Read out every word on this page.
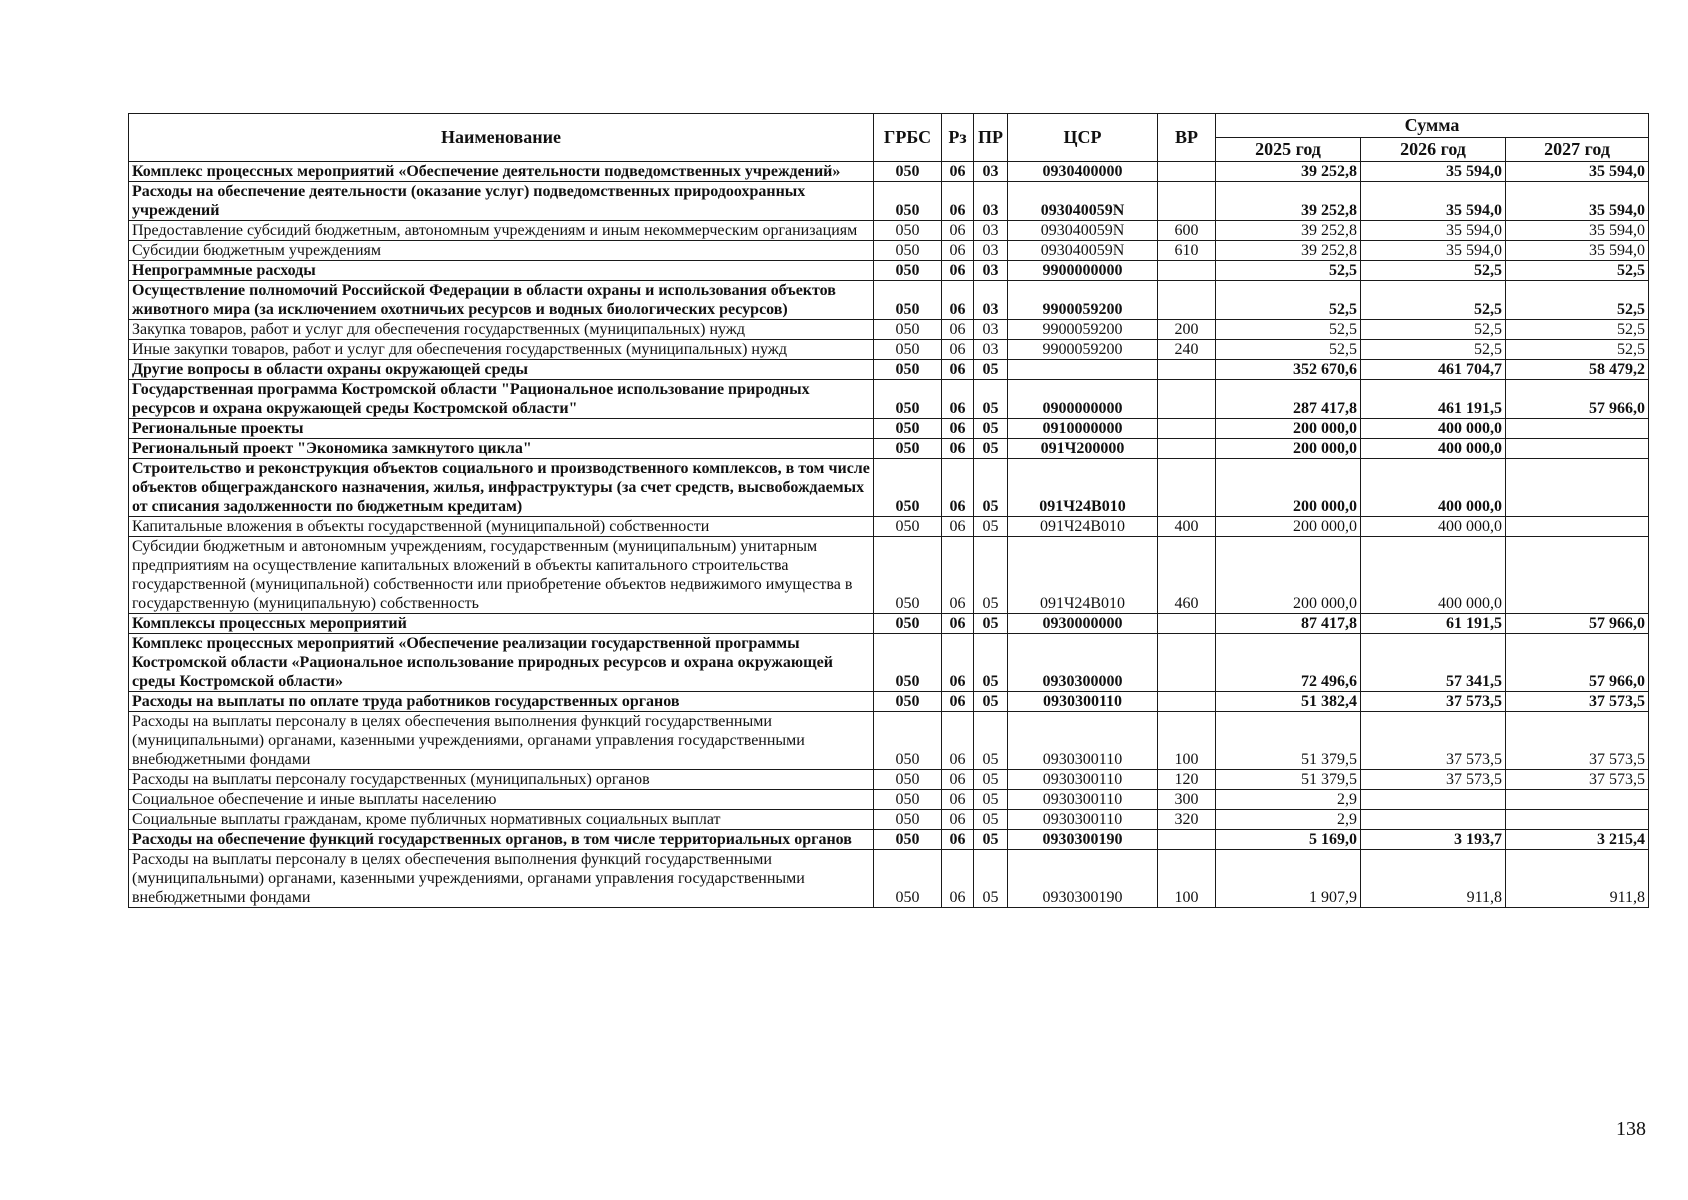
Наименование	ГРБС	Рз	ПР	ЦСР	ВР	Сумма		
						2025 год	2026 год	2027 год
Комплекс процессных мероприятий «Обеспечение деятельности подведомственных учреждений»	050	06	03	0930400000		39 252,8	35 594,0	35 594,0
Расходы на обеспечение деятельности (оказание услуг) подведомственных природоохранных учреждений	050	06	03	093040059N		39 252,8	35 594,0	35 594,0
Предоставление субсидий бюджетным, автономным учреждениям и иным некоммерческим организациям	050	06	03	093040059N	600	39 252,8	35 594,0	35 594,0
Субсидии бюджетным учреждениям	050	06	03	093040059N	610	39 252,8	35 594,0	35 594,0
Непрограммные расходы	050	06	03	9900000000		52,5	52,5	52,5
Осуществление полномочий Российской Федерации в области охраны и использования объектов животного мира (за исключением охотничьих ресурсов и водных биологических ресурсов)	050	06	03	9900059200		52,5	52,5	52,5
Закупка товаров, работ и услуг для обеспечения государственных (муниципальных) нужд	050	06	03	9900059200	200	52,5	52,5	52,5
Иные закупки товаров, работ и услуг для обеспечения государственных (муниципальных) нужд	050	06	03	9900059200	240	52,5	52,5	52,5
Другие вопросы в области охраны окружающей среды	050	06	05			352 670,6	461 704,7	58 479,2
Государственная программа Костромской области "Рациональное использование природных ресурсов и охрана окружающей среды Костромской области"	050	06	05	0900000000		287 417,8	461 191,5	57 966,0
Региональные проекты	050	06	05	0910000000		200 000,0	400 000,0	
Региональный проект "Экономика замкнутого цикла"	050	06	05	091Ч200000		200 000,0	400 000,0	
Строительство и реконструкция объектов социального и производственного комплексов, в том числе объектов общегражданского назначения, жилья, инфраструктуры (за счет средств, высвобождаемых от списания задолженности по бюджетным кредитам)	050	06	05	091Ч24В010		200 000,0	400 000,0	
Капитальные вложения в объекты государственной (муниципальной) собственности	050	06	05	091Ч24В010	400	200 000,0	400 000,0	
Субсидии бюджетным и автономным учреждениям, государственным (муниципальным) унитарным предприятиям на осуществление капитальных вложений в объекты капитального строительства государственной (муниципальной) собственности или приобретение объектов недвижимого имущества в государственную (муниципальную) собственность	050	06	05	091Ч24В010	460	200 000,0	400 000,0	
Комплексы процессных мероприятий	050	06	05	0930000000		87 417,8	61 191,5	57 966,0
Комплекс процессных мероприятий «Обеспечение реализации государственной программы Костромской области «Рациональное использование природных ресурсов и охрана окружающей среды Костромской области»	050	06	05	0930300000		72 496,6	57 341,5	57 966,0
Расходы на выплаты по оплате труда работников государственных органов	050	06	05	0930300110		51 382,4	37 573,5	37 573,5
Расходы на выплаты персоналу в целях обеспечения выполнения функций государственными (муниципальными) органами, казенными учреждениями, органами управления государственными внебюджетными фондами	050	06	05	0930300110	100	51 379,5	37 573,5	37 573,5
Расходы на выплаты персоналу государственных (муниципальных) органов	050	06	05	0930300110	120	51 379,5	37 573,5	37 573,5
Социальное обеспечение и иные выплаты населению	050	06	05	0930300110	300	2,9		
Социальные выплаты гражданам, кроме публичных нормативных социальных выплат	050	06	05	0930300110	320	2,9		
Расходы на обеспечение функций государственных органов, в том числе территориальных органов	050	06	05	0930300190		5 169,0	3 193,7	3 215,4
Расходы на выплаты персоналу в целях обеспечения выполнения функций государственными (муниципальными) органами, казенными учреждениями, органами управления государственными внебюджетными фондами	050	06	05	0930300190	100	1 907,9	911,8	911,8
138
